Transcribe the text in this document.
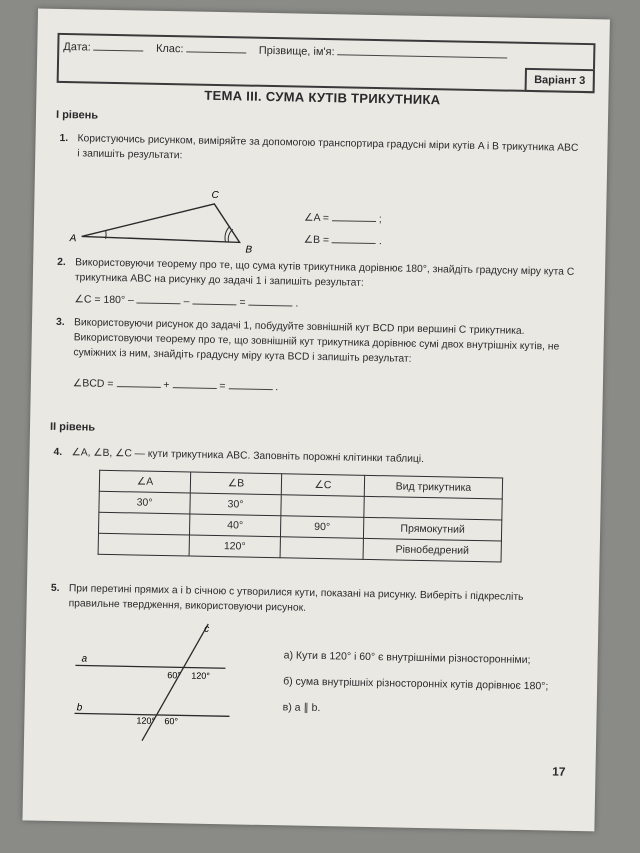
Дата:	Клас:	Прізвище, ім'я:
Варіант 3
ТЕМА III. СУМА КУТІВ ТРИКУТНИКА
І рівень
1. Користуючись рисунком, виміряйте за допомогою транспортира градусні міри кутів A і B трикутника ABC і запишіть результати:
A
C
B
∠A =	;
∠B =	.
2. Використовуючи теорему про те, що сума кутів трикутника дорівнює 180°, знайдіть градусну міру кута C трикутника ABC на рисунку до задачі 1 і запишіть результат:
∠C = 180° –	–	=	.
3. Використовуючи рисунок до задачі 1, побудуйте зовнішній кут BCD при вершині C трикутника. Використовуючи теорему про те, що зовнішній кут трикутника дорівнює сумі двох внутрішніх кутів, не суміжних із ним, знайдіть градусну міру кута BCD і запишіть результат:
∠BCD =	+	=	.
ІІ рівень
4. ∠A, ∠B, ∠C — кути трикутника ABC. Заповніть порожні клітинки таблиці.
∠A	∠B	∠C	Вид трикутника
30°	30°		
	40°	90°	Прямокутний
	120°		Рівнобедрений
5. При перетині прямих a і b січною c утворилися кути, показані на рисунку. Виберіть і підкресліть правильне твердження, використовуючи рисунок.
a
b
c
60° 120°
120° 60°
а) Кути в 120° і 60° є внутрішніми різносторонніми;
б) сума внутрішніх різносторонніх кутів дорівнює 180°;
в) a ∥ b.
17
